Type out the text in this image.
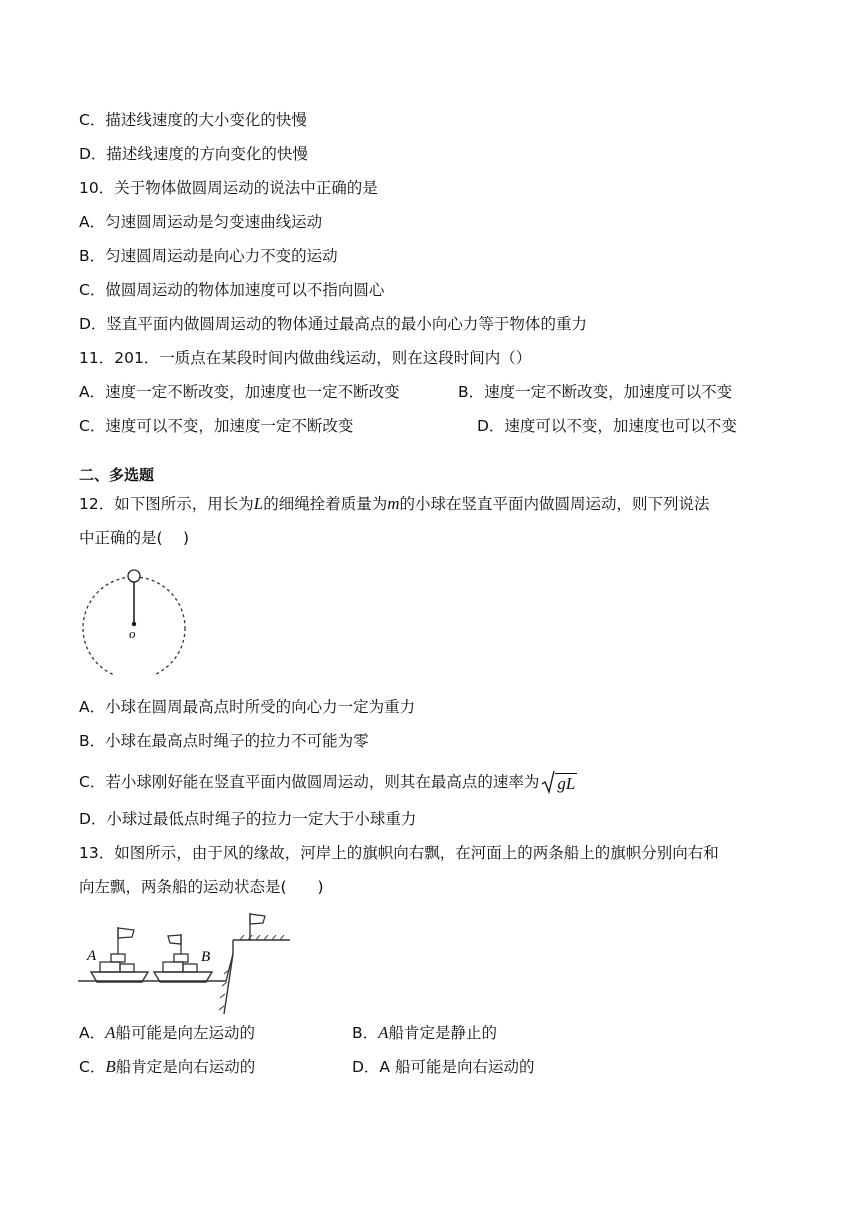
C．描述线速度的大小变化的快慢
D．描述线速度的方向变化的快慢
10．关于物体做圆周运动的说法中正确的是
A．匀速圆周运动是匀变速曲线运动
B．匀速圆周运动是向心力不变的运动
C．做圆周运动的物体加速度可以不指向圆心
D．竖直平面内做圆周运动的物体通过最高点的最小向心力等于物体的重力
11．201．一质点在某段时间内做曲线运动，则在这段时间内（）
A．速度一定不断改变，加速度也一定不断改变	B．速度一定不断改变，加速度可以不变
C．速度可以不变，加速度一定不断改变	D．速度可以不变，加速度也可以不变
二、多选题
12．如下图所示，用长为L的细绳拴着质量为m的小球在竖直平面内做圆周运动，则下列说法
中正确的是(　 )
o
A．小球在圆周最高点时所受的向心力一定为重力
B．小球在最高点时绳子的拉力不可能为零
C．若小球刚好能在竖直平面内做圆周运动，则其在最高点的速率为 gL
D．小球过最低点时绳子的拉力一定大于小球重力
13．如图所示，由于风的缘故，河岸上的旗帜向右飘，在河面上的两条船上的旗帜分别向右和
向左飘，两条船的运动状态是(　　)
A	B
A．A船可能是向左运动的	B．A船肯定是静止的
C．B船肯定是向右运动的	D．A 船可能是向右运动的
